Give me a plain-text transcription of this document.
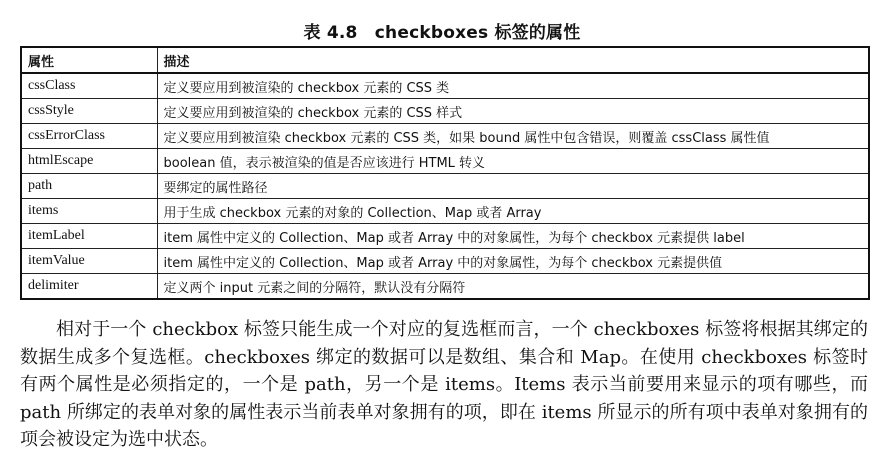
表 4.8　checkboxes 标签的属性
属性	描述
cssClass	定义要应用到被渲染的 checkbox 元素的 CSS 类
cssStyle	定义要应用到被渲染的 checkbox 元素的 CSS 样式
cssErrorClass	定义要应用到被渲染 checkbox 元素的 CSS 类，如果 bound 属性中包含错误，则覆盖 cssClass 属性值
htmlEscape	boolean 值，表示被渲染的值是否应该进行 HTML 转义
path	要绑定的属性路径
items	用于生成 checkbox 元素的对象的 Collection、Map 或者 Array
itemLabel	item 属性中定义的 Collection、Map 或者 Array 中的对象属性，为每个 checkbox 元素提供 label
itemValue	item 属性中定义的 Collection、Map 或者 Array 中的对象属性，为每个 checkbox 元素提供值
delimiter	定义两个 input 元素之间的分隔符，默认没有分隔符

相对于一个 checkbox 标签只能生成一个对应的复选框而言，一个 checkboxes 标签将根据其绑定的数据生成多个复选框。checkboxes 绑定的数据可以是数组、集合和 Map。在使用 checkboxes 标签时有两个属性是必须指定的，一个是 path，另一个是 items。Items 表示当前要用来显示的项有哪些，而 path 所绑定的表单对象的属性表示当前表单对象拥有的项，即在 items 所显示的所有项中表单对象拥有的项会被设定为选中状态。
